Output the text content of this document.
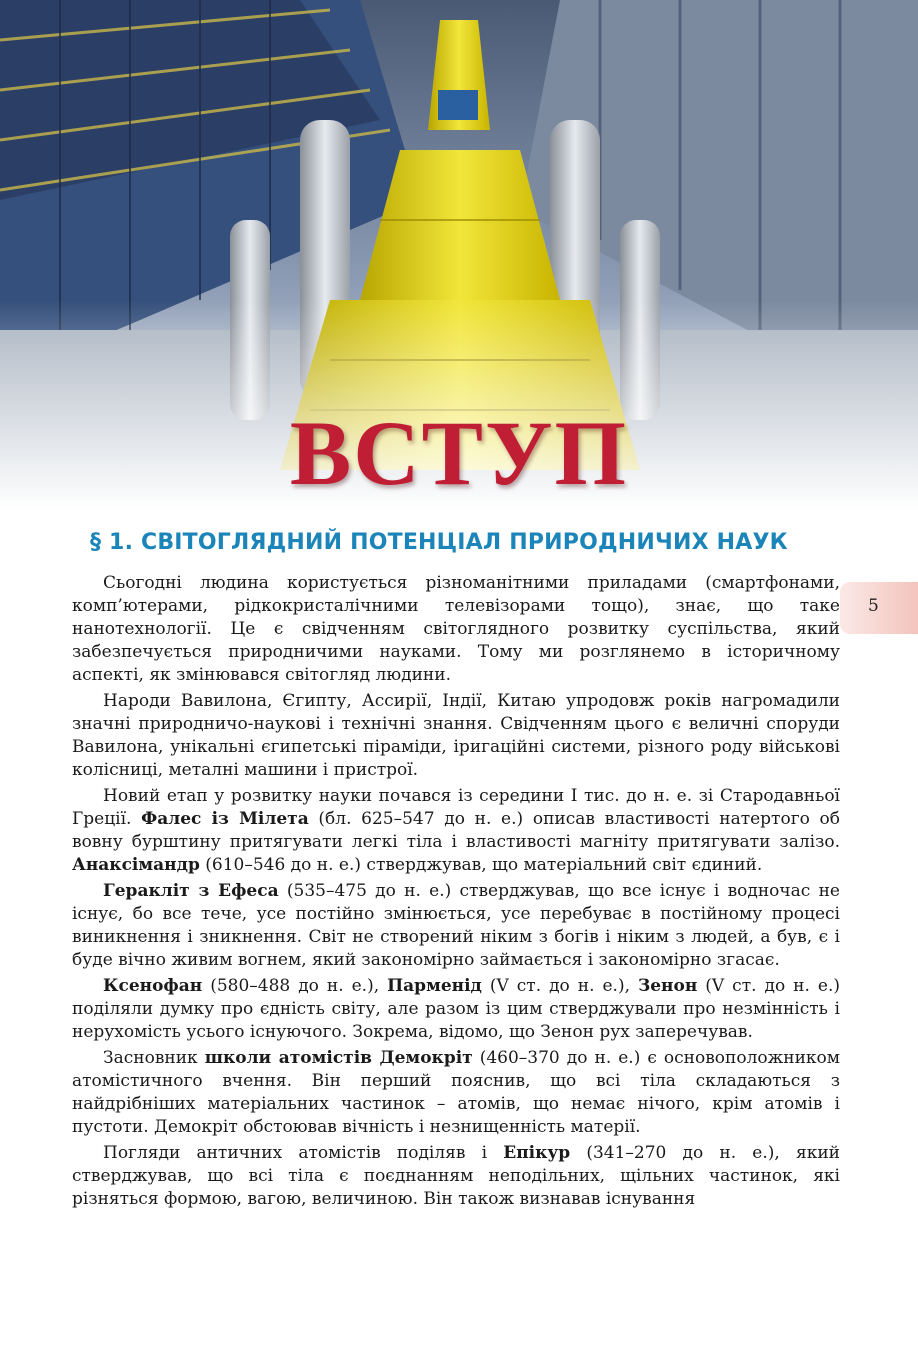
ВСТУП
§ 1. СВІТОГЛЯДНИЙ ПОТЕНЦІАЛ ПРИРОДНИЧИХ НАУК
5

Сьогодні людина користується різноманітними приладами (смартфонами, комп’ютерами, рідкокристалічними телевізорами тощо), знає, що таке нанотехнології. Це є свідченням світоглядного розвитку суспільства, який забезпечується природничими науками. Тому ми розглянемо в історичному аспекті, як змінювався світогляд людини.

Народи Вавилона, Єгипту, Ассирії, Індії, Китаю упродовж років нагромадили значні природничо-наукові і технічні знання. Свідченням цього є величні споруди Вавилона, унікальні єгипетські піраміди, іригаційні системи, різного роду військові колісниці, металні машини і пристрої.

Новий етап у розвитку науки почався із середини І тис. до н. е. зі Стародавньої Греції. Фалес із Мілета (бл. 625–547 до н. е.) описав властивості натертого об вовну бурштину притягувати легкі тіла і властивості магніту притягувати залізо. Анаксімандр (610–546 до н. е.) стверджував, що матеріальний світ єдиний.

Геракліт з Ефеса (535–475 до н. е.) стверджував, що все існує і водночас не існує, бо все тече, усе постійно змінюється, усе перебуває в постійному процесі виникнення і зникнення. Світ не створений ніким з богів і ніким з людей, а був, є і буде вічно живим вогнем, який закономірно займається і закономірно згасає.

Ксенофан (580–488 до н. е.), Парменід (V ст. до н. е.), Зенон (V ст. до н. е.) поділяли думку про єдність світу, але разом із цим стверджували про незмінність і нерухомість усього існуючого. Зокрема, відомо, що Зенон рух заперечував.

Засновник школи атомістів Демокріт (460–370 до н. е.) є основоположником атомістичного вчення. Він перший пояснив, що всі тіла складаються з найдрібніших матеріальних частинок – атомів, що немає нічого, крім атомів і пустоти. Демокріт обстоював вічність і незнищенність матерії.

Погляди античних атомістів поділяв і Епікур (341–270 до н. е.), який стверджував, що всі тіла є поєднанням неподільних, щільних частинок, які різняться формою, вагою, величиною. Він також визнавав існування
